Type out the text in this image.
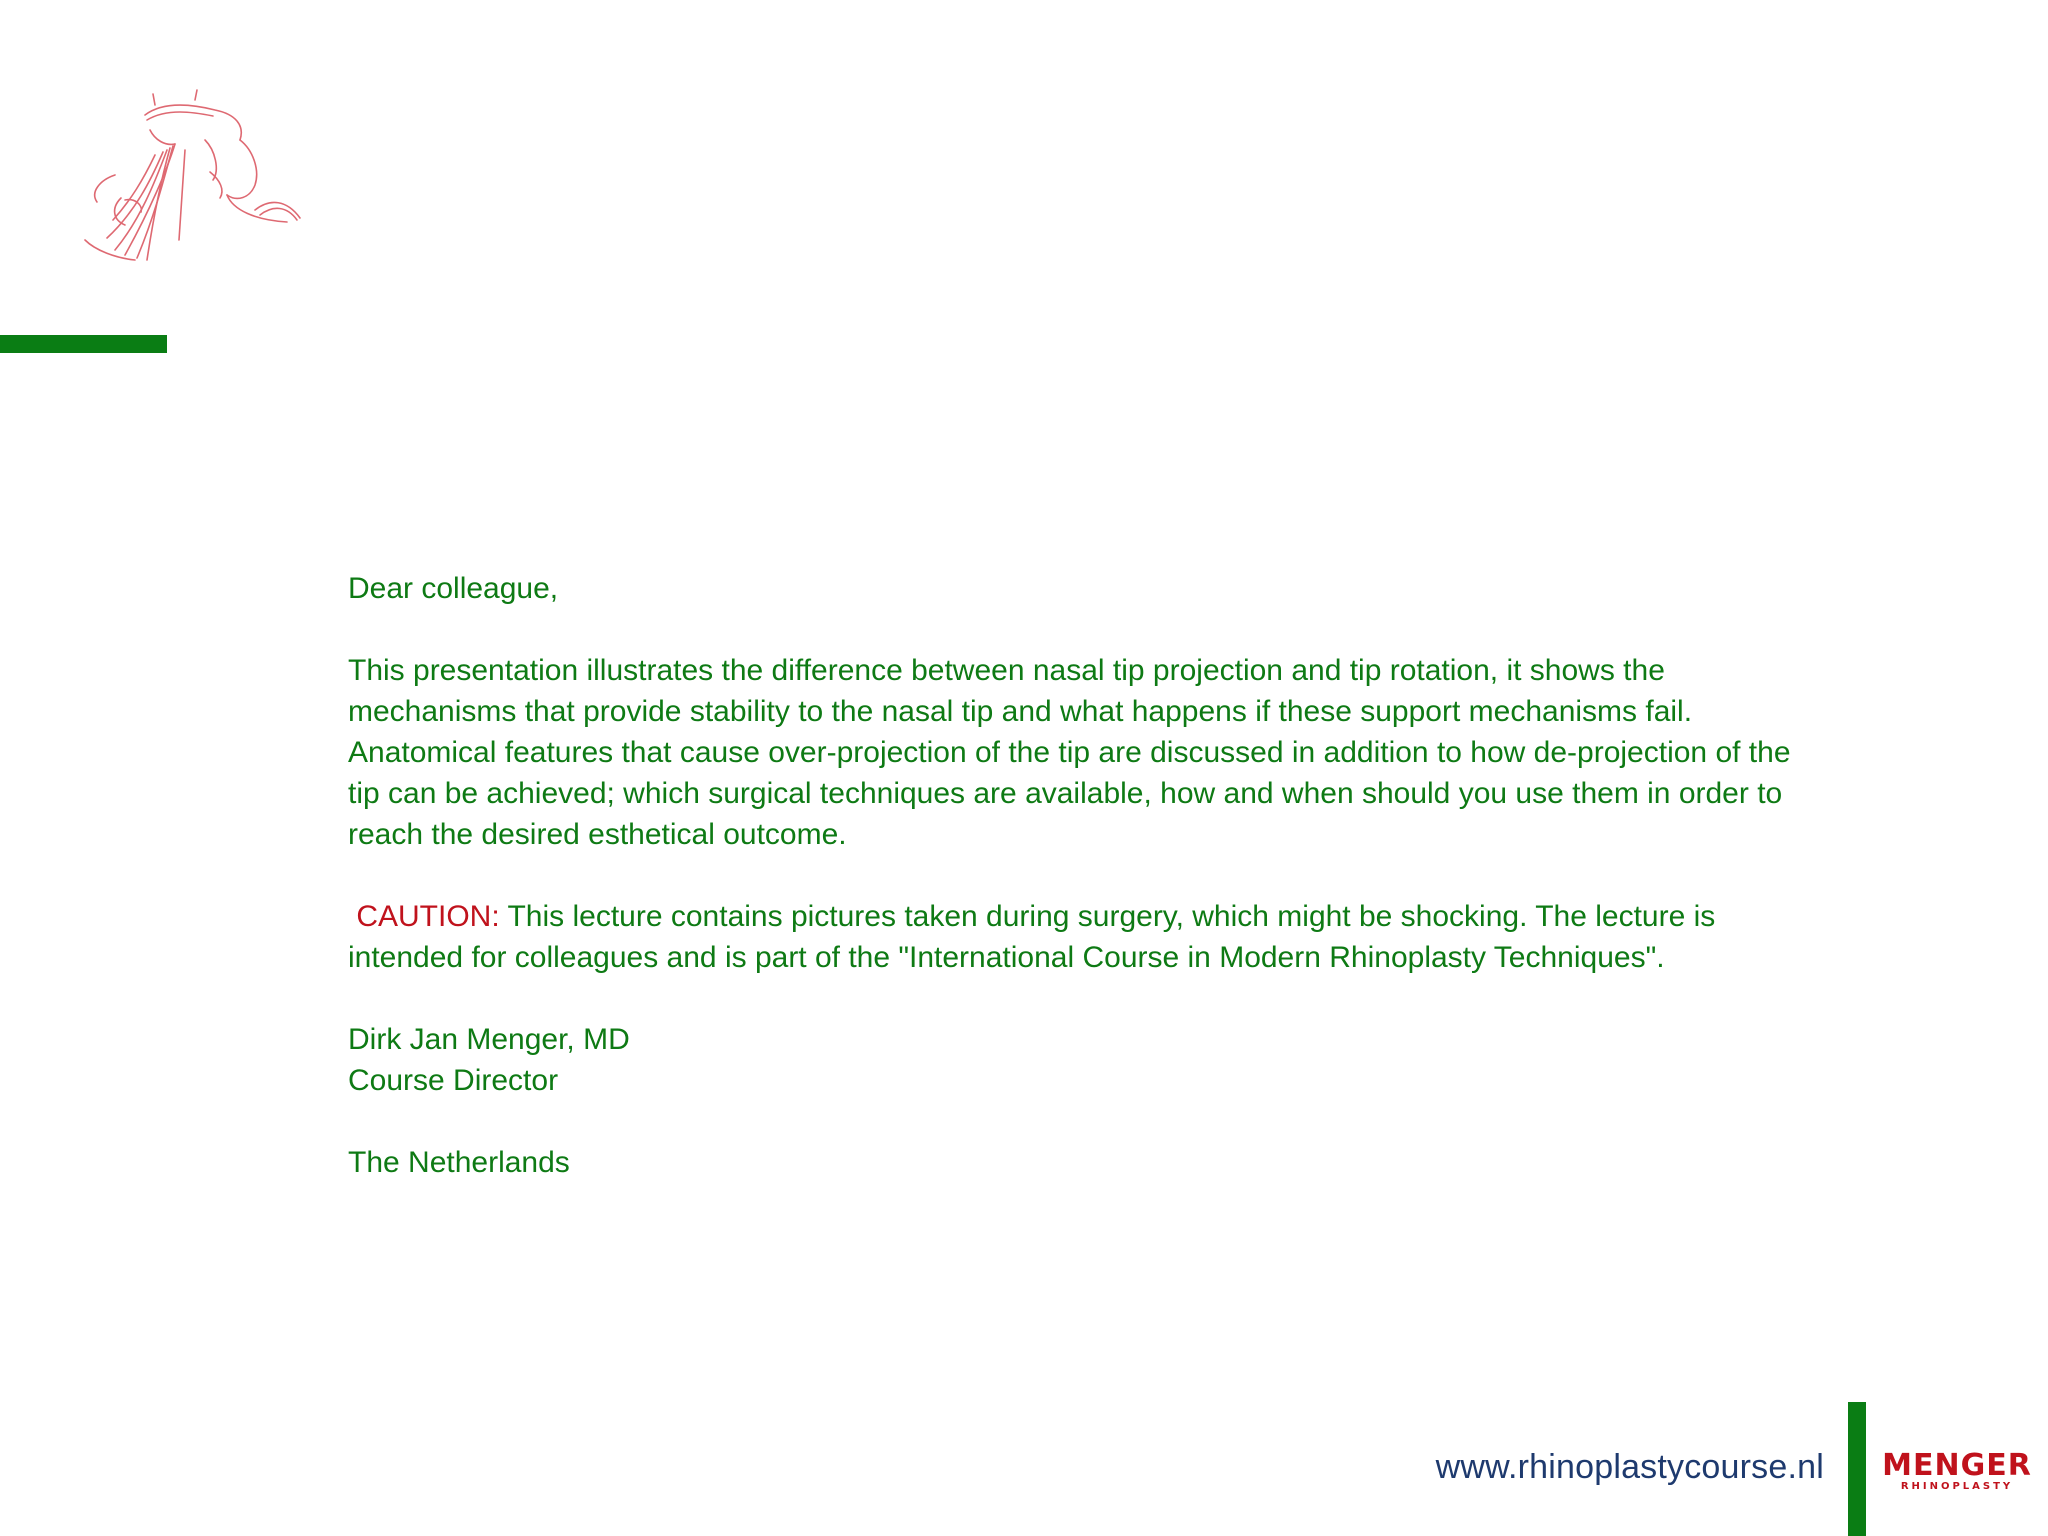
Dear colleague,

This presentation illustrates the difference between nasal tip projection and tip rotation, it shows the mechanisms that provide stability to the nasal tip and what happens if these support mechanisms fail. Anatomical features that cause over-projection of the tip are discussed in addition to how de-projection of the tip can be achieved; which surgical techniques are available, how and when should you use them in order to reach the desired esthetical outcome.

CAUTION: This lecture contains pictures taken during surgery, which might be shocking. The lecture is intended for colleagues and is part of the "International Course in Modern Rhinoplasty Techniques".

Dirk Jan Menger, MD

Course Director

The Netherlands

www.rhinoplastycourse.nl MENGER
RHINOPLASTY
